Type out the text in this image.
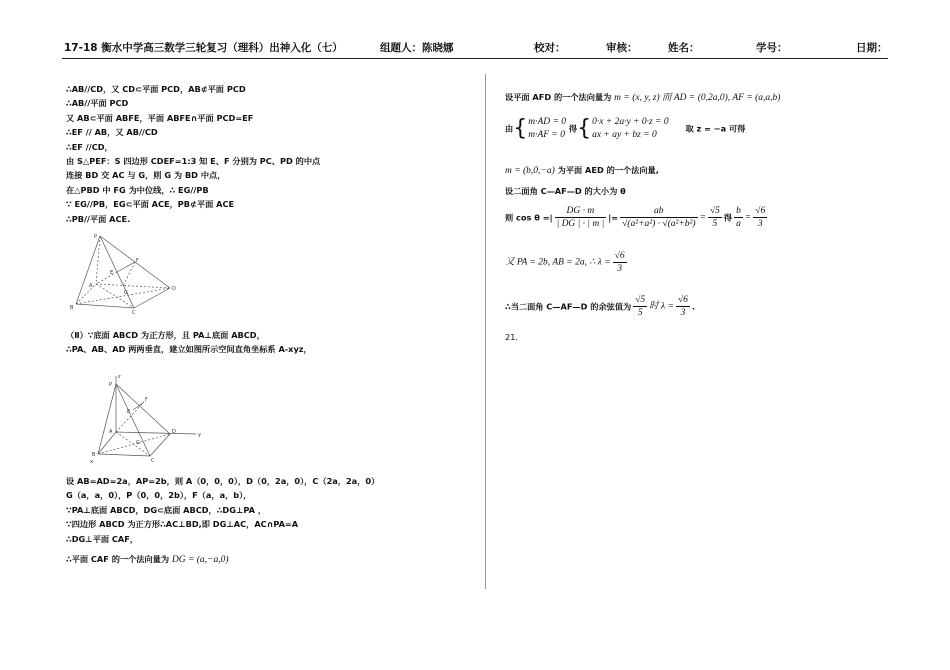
17-18 衡水中学高三数学三轮复习（理科）出神入化（七）	组题人：陈晓娜	校对：	审核：	姓名：	学号：	日期：
∴AB//CD，又 CD⊂平面 PCD，AB⊄平面 PCD
∴AB//平面 PCD
又 AB⊂平面 ABFE，平面 ABFE∩平面 PCD=EF
∴EF // AB，又 AB//CD
∴EF //CD，
由 S△PEF：S 四边形 CDEF=1:3 知 E、F 分别为 PC、PD 的中点
连接 BD 交 AC 与 G，则 G 为 BD 中点，
在△PBD 中 FG 为中位线，∴ EG//PB
∵ EG//PB，EG⊂平面 ACE，PB⊄平面 ACE
∴PB//平面 ACE.
P
E
F
A
B
C
D
G
（Ⅱ）∵底面 ABCD 为正方形，且 PA⊥底面 ABCD，
∴PA、AB、AD 两两垂直，建立如图所示空间直角坐标系 A-xyz，
z
P
F
E
A	D	y
B
C
x
G
设 AB=AD=2a，AP=2b，则 A（0，0，0），D（0，2a，0），C（2a，2a，0）
G（a，a，0），P（0，0，2b），F（a，a，b），
∵PA⊥底面 ABCD，DG⊂底面 ABCD，∴DG⊥PA ，
∵四边形 ABCD 为正方形∴AC⊥BD,即 DG⊥AC，AC∩PA=A
∴DG⊥平面 CAF，
∴平面 CAF 的一个法向量为 DG = (a,−a,0)
设平面 AFD 的一个法向量为 m = (x, y, z) 而 AD = (0,2a,0), AF = (a,a,b)
由{ m·AD = 0
m·AF = 0
得{ 0·x + 2a·y + 0·z = 0
ax + ay + bz = 0
取 z = −a 可得
m = (b,0,−a) 为平面 AED 的一个法向量,
设二面角 C—AF—D 的大小为 θ
则 cos θ =| $\frac{DG \cdot m}{| DG | \cdot | m |}$ |= $\frac{ab}{\text{√(a²+a²) · √(a²+b²)}} = \frac{√5}{5}$ 得 $\frac{b}{a} = \frac{√6}{3}$
又 PA = 2b, AB = 2a, ∴ $\lambda = \frac{√6}{3}$
∴当二面角 C—AF—D 的余弦值为 $\frac{√5}{5}$ 时 $\lambda = \frac{√6}{3}$ .
21.
